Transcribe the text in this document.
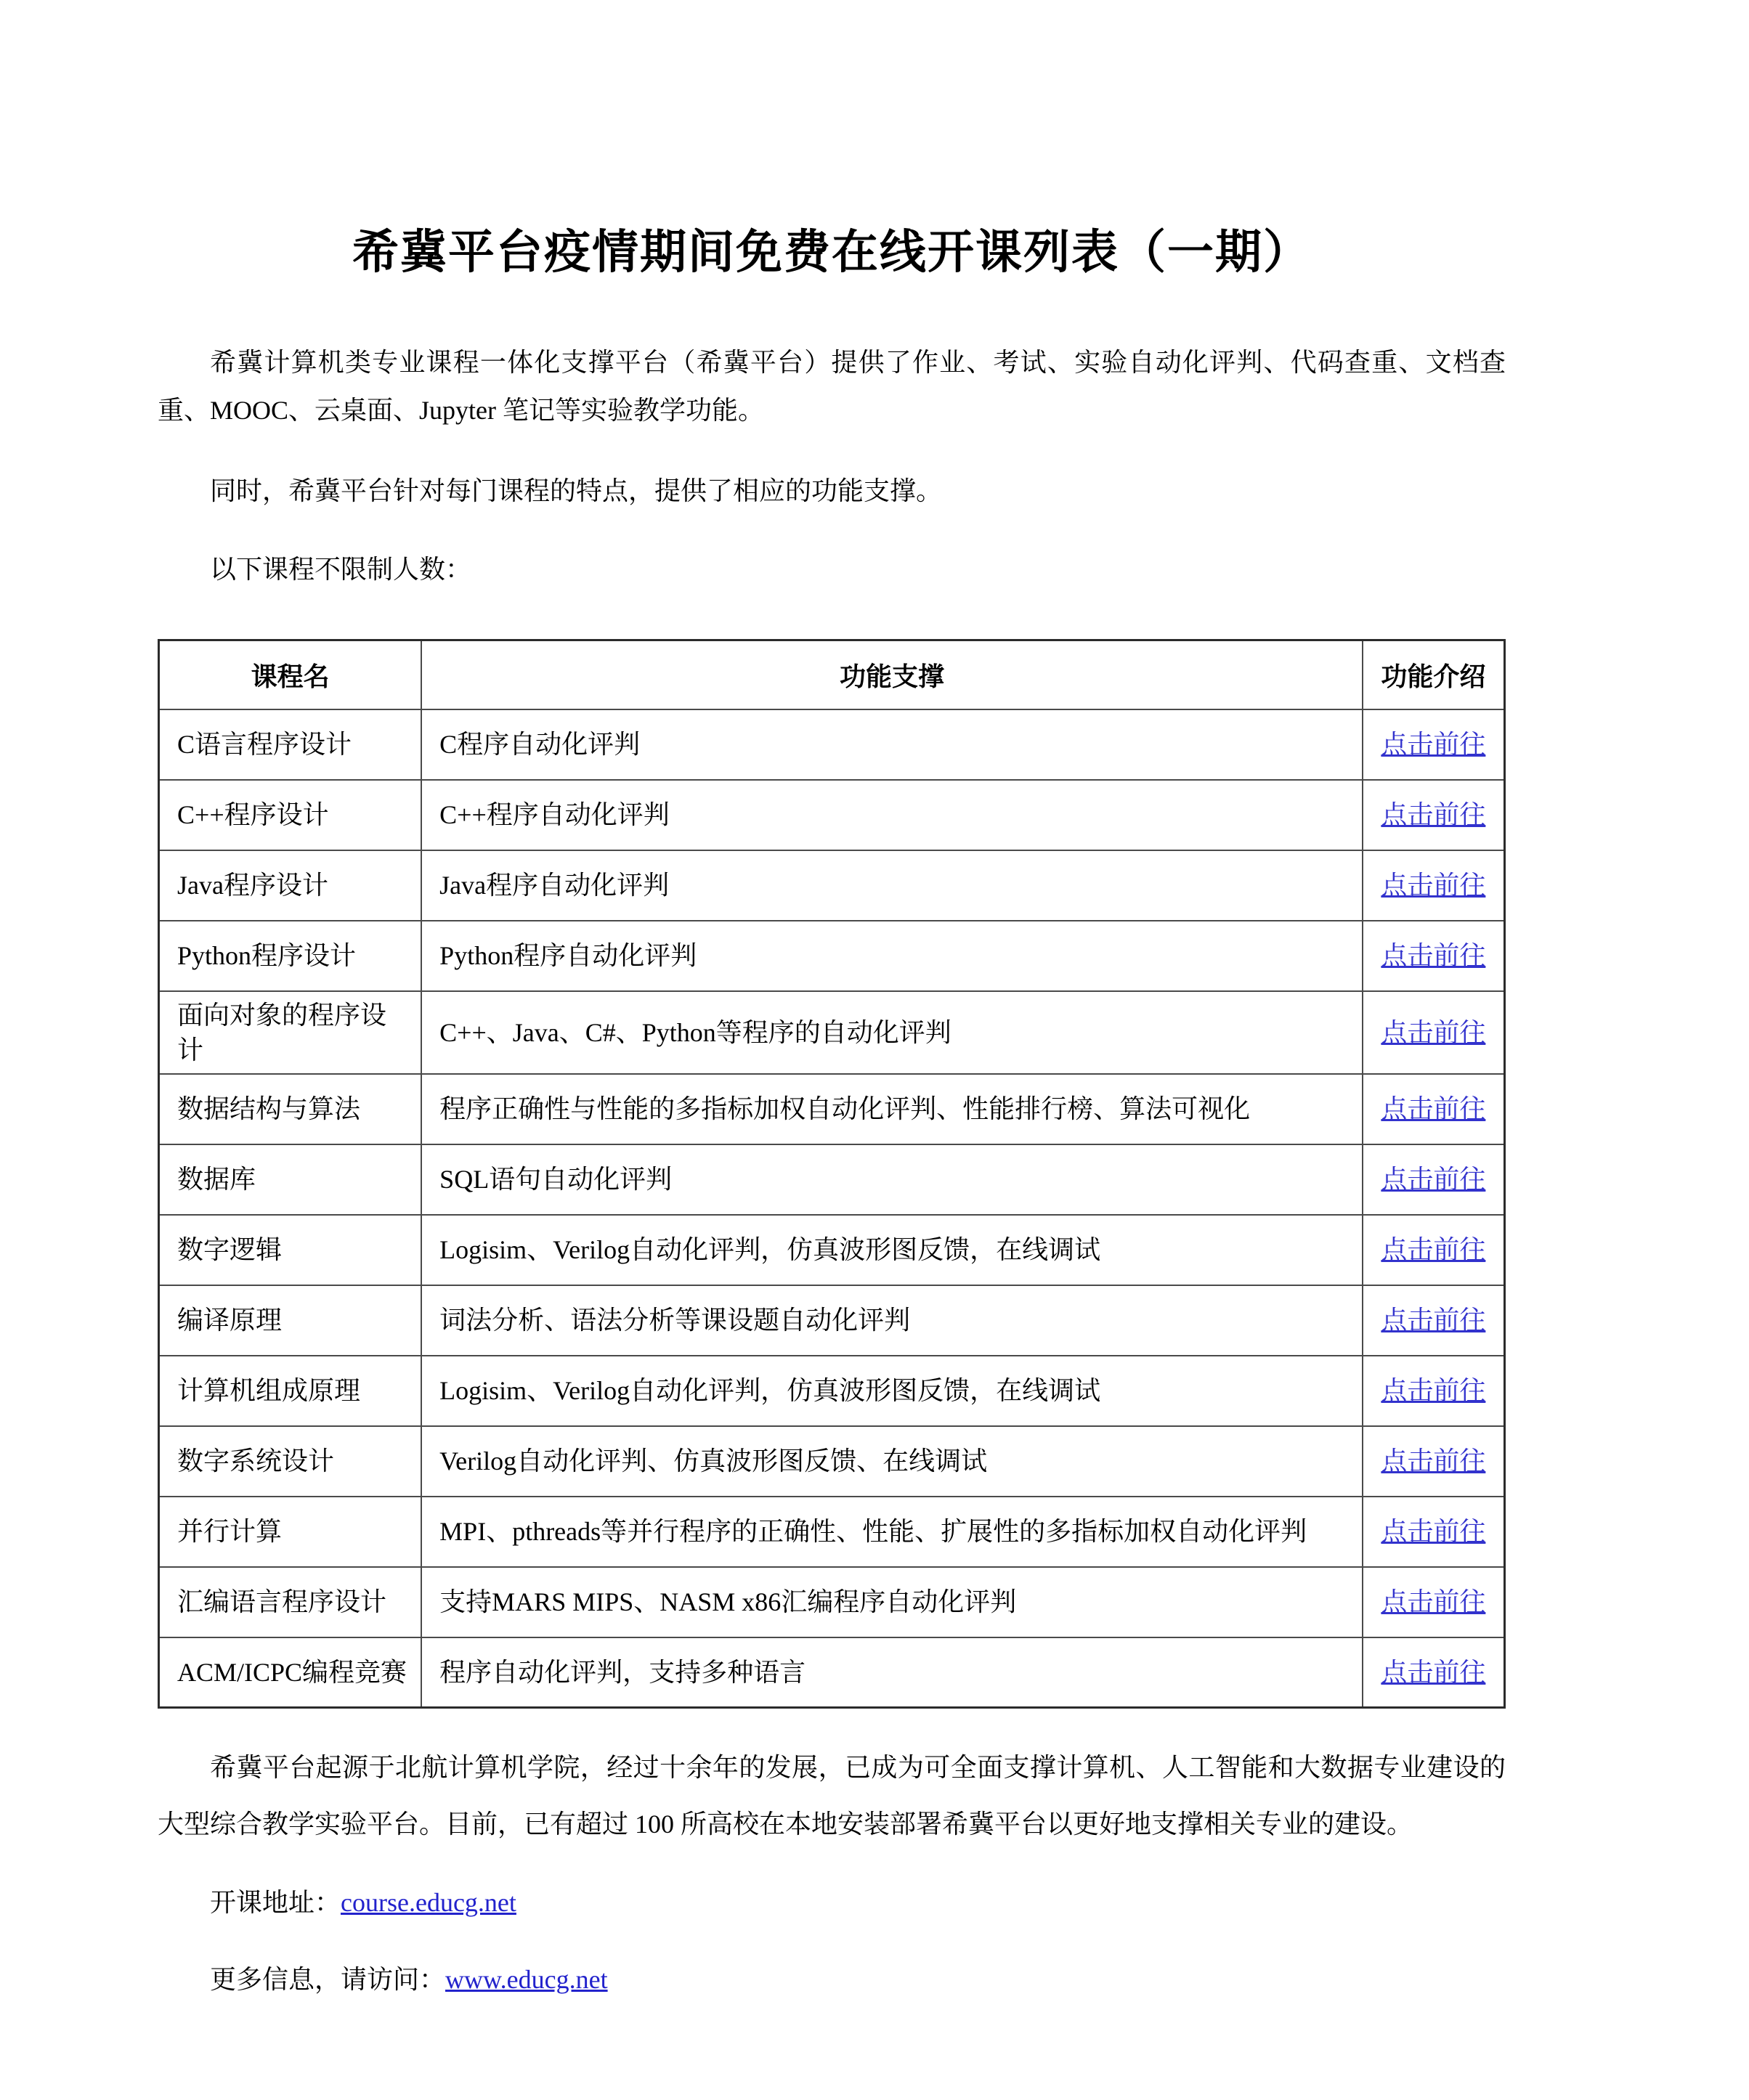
希冀平台疫情期间免费在线开课列表（一期）

希冀计算机类专业课程一体化支撑平台（希冀平台）提供了作业、考试、实验自动化评判、代码查重、文档查重、MOOC、云桌面、Jupyter 笔记等实验教学功能。

同时，希冀平台针对每门课程的特点，提供了相应的功能支撑。

以下课程不限制人数：

课程名	功能支撑	功能介绍
C语言程序设计	C程序自动化评判	点击前往
C++程序设计	C++程序自动化评判	点击前往
Java程序设计	Java程序自动化评判	点击前往
Python程序设计	Python程序自动化评判	点击前往
面向对象的程序设计	C++、Java、C#、Python等程序的自动化评判	点击前往
数据结构与算法	程序正确性与性能的多指标加权自动化评判、性能排行榜、算法可视化	点击前往
数据库	SQL语句自动化评判	点击前往
数字逻辑	Logisim、Verilog自动化评判，仿真波形图反馈，在线调试	点击前往
编译原理	词法分析、语法分析等课设题自动化评判	点击前往
计算机组成原理	Logisim、Verilog自动化评判，仿真波形图反馈，在线调试	点击前往
数字系统设计	Verilog自动化评判、仿真波形图反馈、在线调试	点击前往
并行计算	MPI、pthreads等并行程序的正确性、性能、扩展性的多指标加权自动化评判	点击前往
汇编语言程序设计	支持MARS MIPS、NASM x86汇编程序自动化评判	点击前往
ACM/ICPC编程竞赛	程序自动化评判，支持多种语言	点击前往

希冀平台起源于北航计算机学院，经过十余年的发展，已成为可全面支撑计算机、人工智能和大数据专业建设的大型综合教学实验平台。目前，已有超过 100 所高校在本地安装部署希冀平台以更好地支撑相关专业的建设。

开课地址：course.educg.net

更多信息，请访问：www.educg.net
